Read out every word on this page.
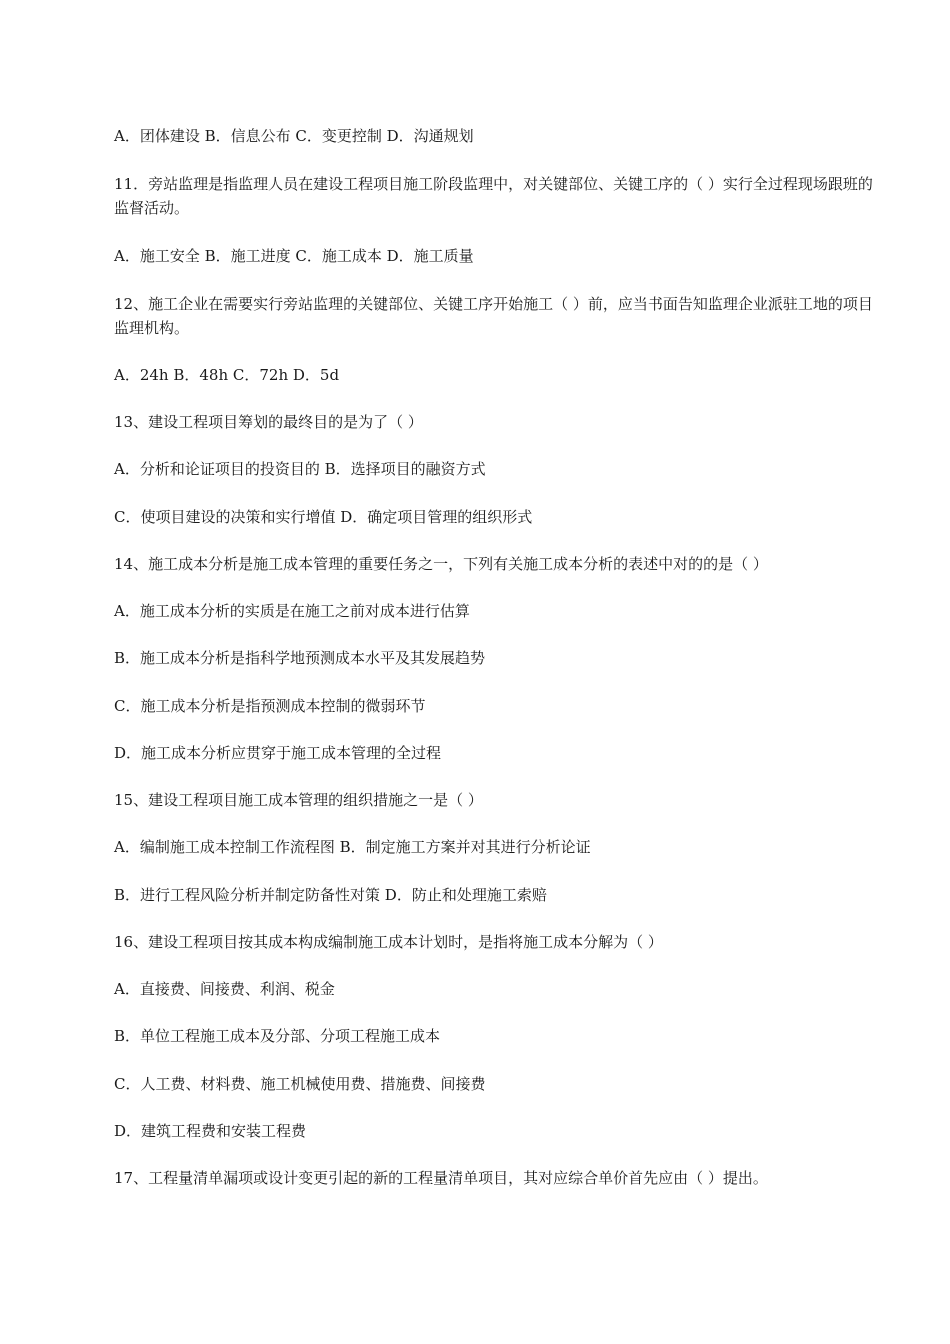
A．团体建设 B．信息公布 C．变更控制 D．沟通规划
11．旁站监理是指监理人员在建设工程项目施工阶段监理中，对关键部位、关键工序的（ ）实行全过程现场跟班的监督活动。
A．施工安全 B．施工进度 C．施工成本 D．施工质量
12、施工企业在需要实行旁站监理的关键部位、关键工序开始施工（ ）前，应当书面告知监理企业派驻工地的项目监理机构。
A．24h B．48h C．72h D．5d
13、建设工程项目筹划的最终目的是为了（ ）
A．分析和论证项目的投资目的 B．选择项目的融资方式
C．使项目建设的决策和实行增值 D．确定项目管理的组织形式
14、施工成本分析是施工成本管理的重要任务之一，下列有关施工成本分析的表述中对的的是（ ）
A．施工成本分析的实质是在施工之前对成本进行估算
B．施工成本分析是指科学地预测成本水平及其发展趋势
C．施工成本分析是指预测成本控制的微弱环节
D．施工成本分析应贯穿于施工成本管理的全过程
15、建设工程项目施工成本管理的组织措施之一是（ ）
A．编制施工成本控制工作流程图 B．制定施工方案并对其进行分析论证
B．进行工程风险分析并制定防备性对策 D．防止和处理施工索赔
16、建设工程项目按其成本构成编制施工成本计划时，是指将施工成本分解为（ ）
A．直接费、间接费、利润、税金
B．单位工程施工成本及分部、分项工程施工成本
C．人工费、材料费、施工机械使用费、措施费、间接费
D．建筑工程费和安装工程费
17、工程量清单漏项或设计变更引起的新的工程量清单项目，其对应综合单价首先应由（ ）提出。
